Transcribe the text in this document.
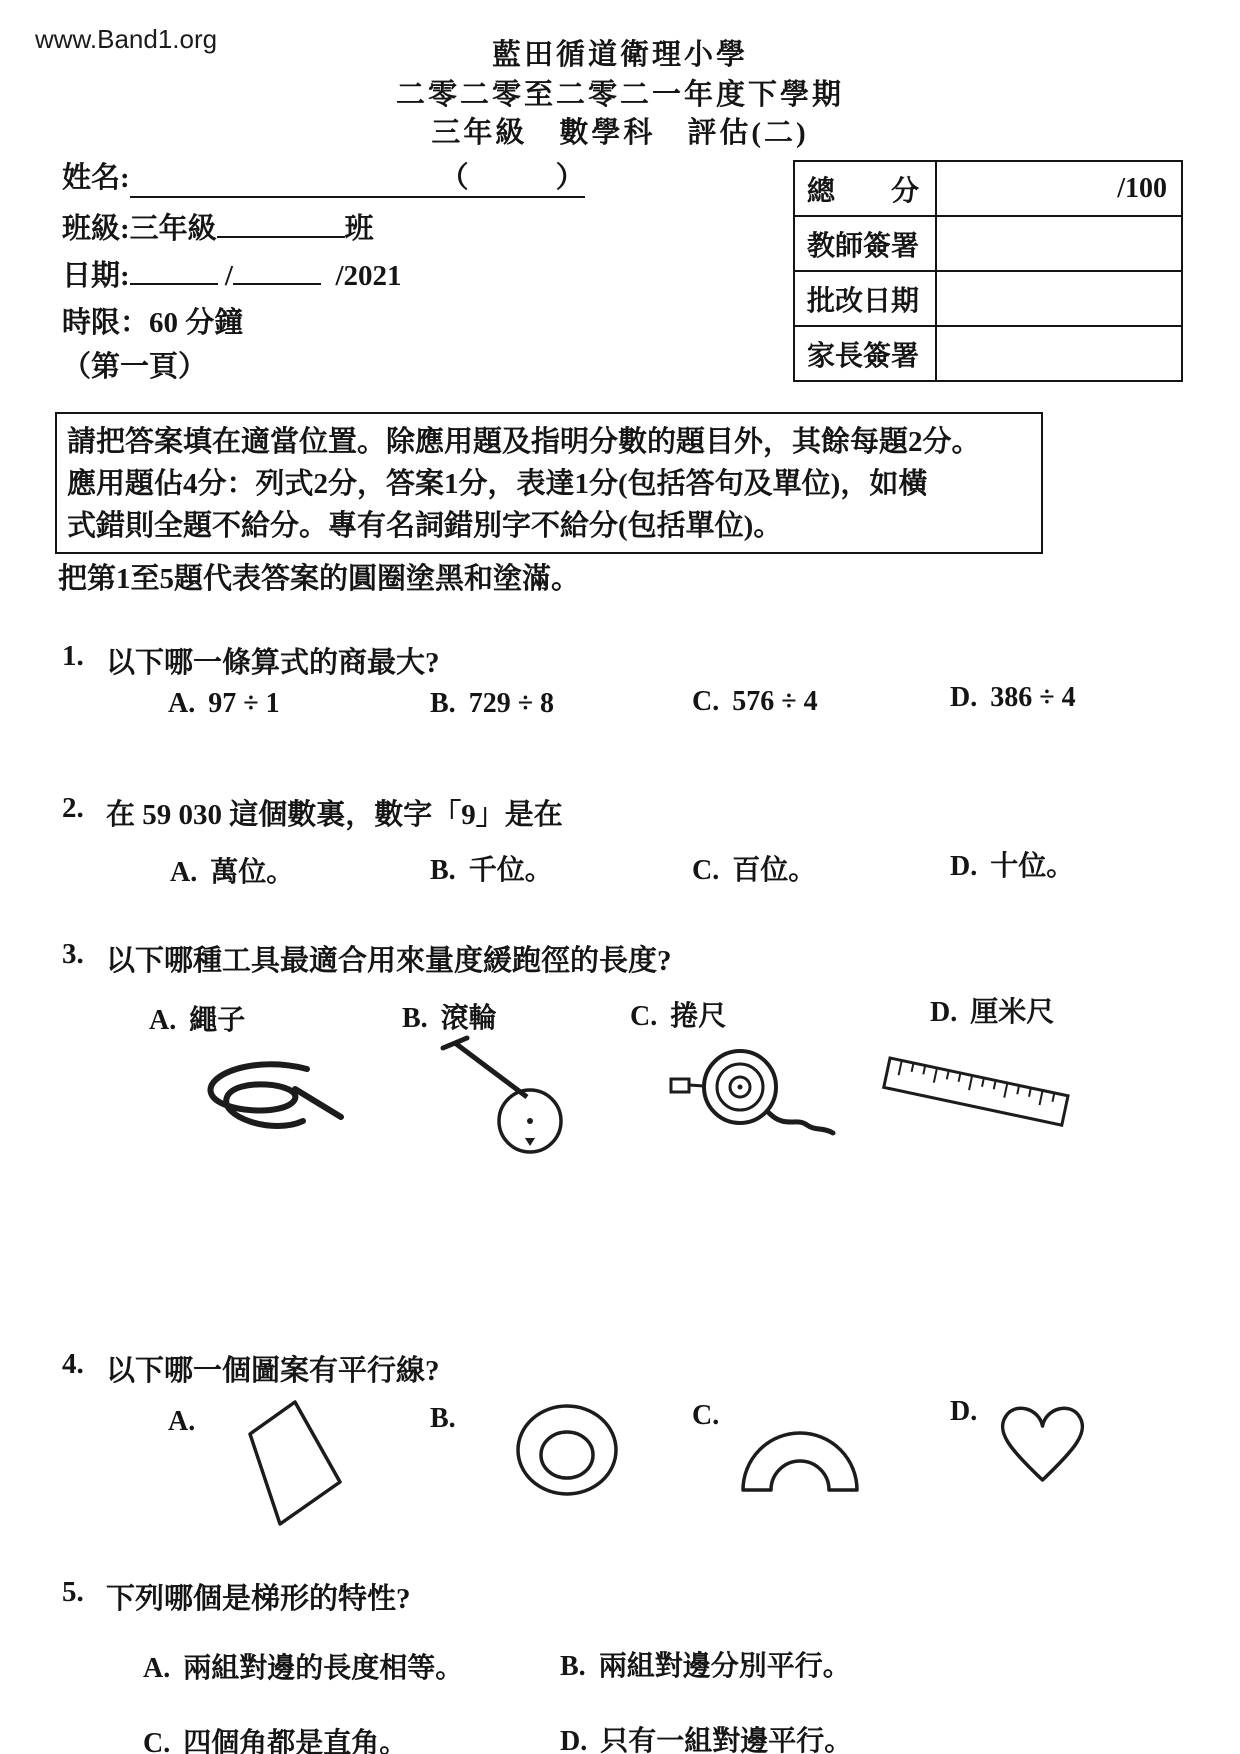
www.Band1.org	藍田循道衛理小學
二零二零至二零二一年度下學期
三年級　數學科　評估(二)
姓名:	（　　　）
班級:三年級	班
日期:	/	/2021
時限：60 分鐘
（第一頁）
總　　分	/100
教師簽署	
批改日期	
家長簽署	
請把答案填在適當位置。除應用題及指明分數的題目外，其餘每題2分。
應用題佔4分：列式2分，答案1分，表達1分(包括答句及單位)，如橫
式錯則全題不給分。專有名詞錯別字不給分(包括單位)。
把第1至5題代表答案的圓圈塗黑和塗滿。
1. 以下哪一條算式的商最大?
A. 97 ÷ 1	B. 729 ÷ 8	C. 576 ÷ 4	D. 386 ÷ 4
2. 在 59 030 這個數裏，數字「9」是在
A. 萬位。	B. 千位。	C. 百位。	D. 十位。
3. 以下哪種工具最適合用來量度緩跑徑的長度?
A. 繩子	B. 滾輪	C. 捲尺	D. 厘米尺
4. 以下哪一個圖案有平行線?
A.	B.	C.	D.
5. 下列哪個是梯形的特性?
A. 兩組對邊的長度相等。	B. 兩組對邊分別平行。
C. 四個角都是直角。	D. 只有一組對邊平行。
